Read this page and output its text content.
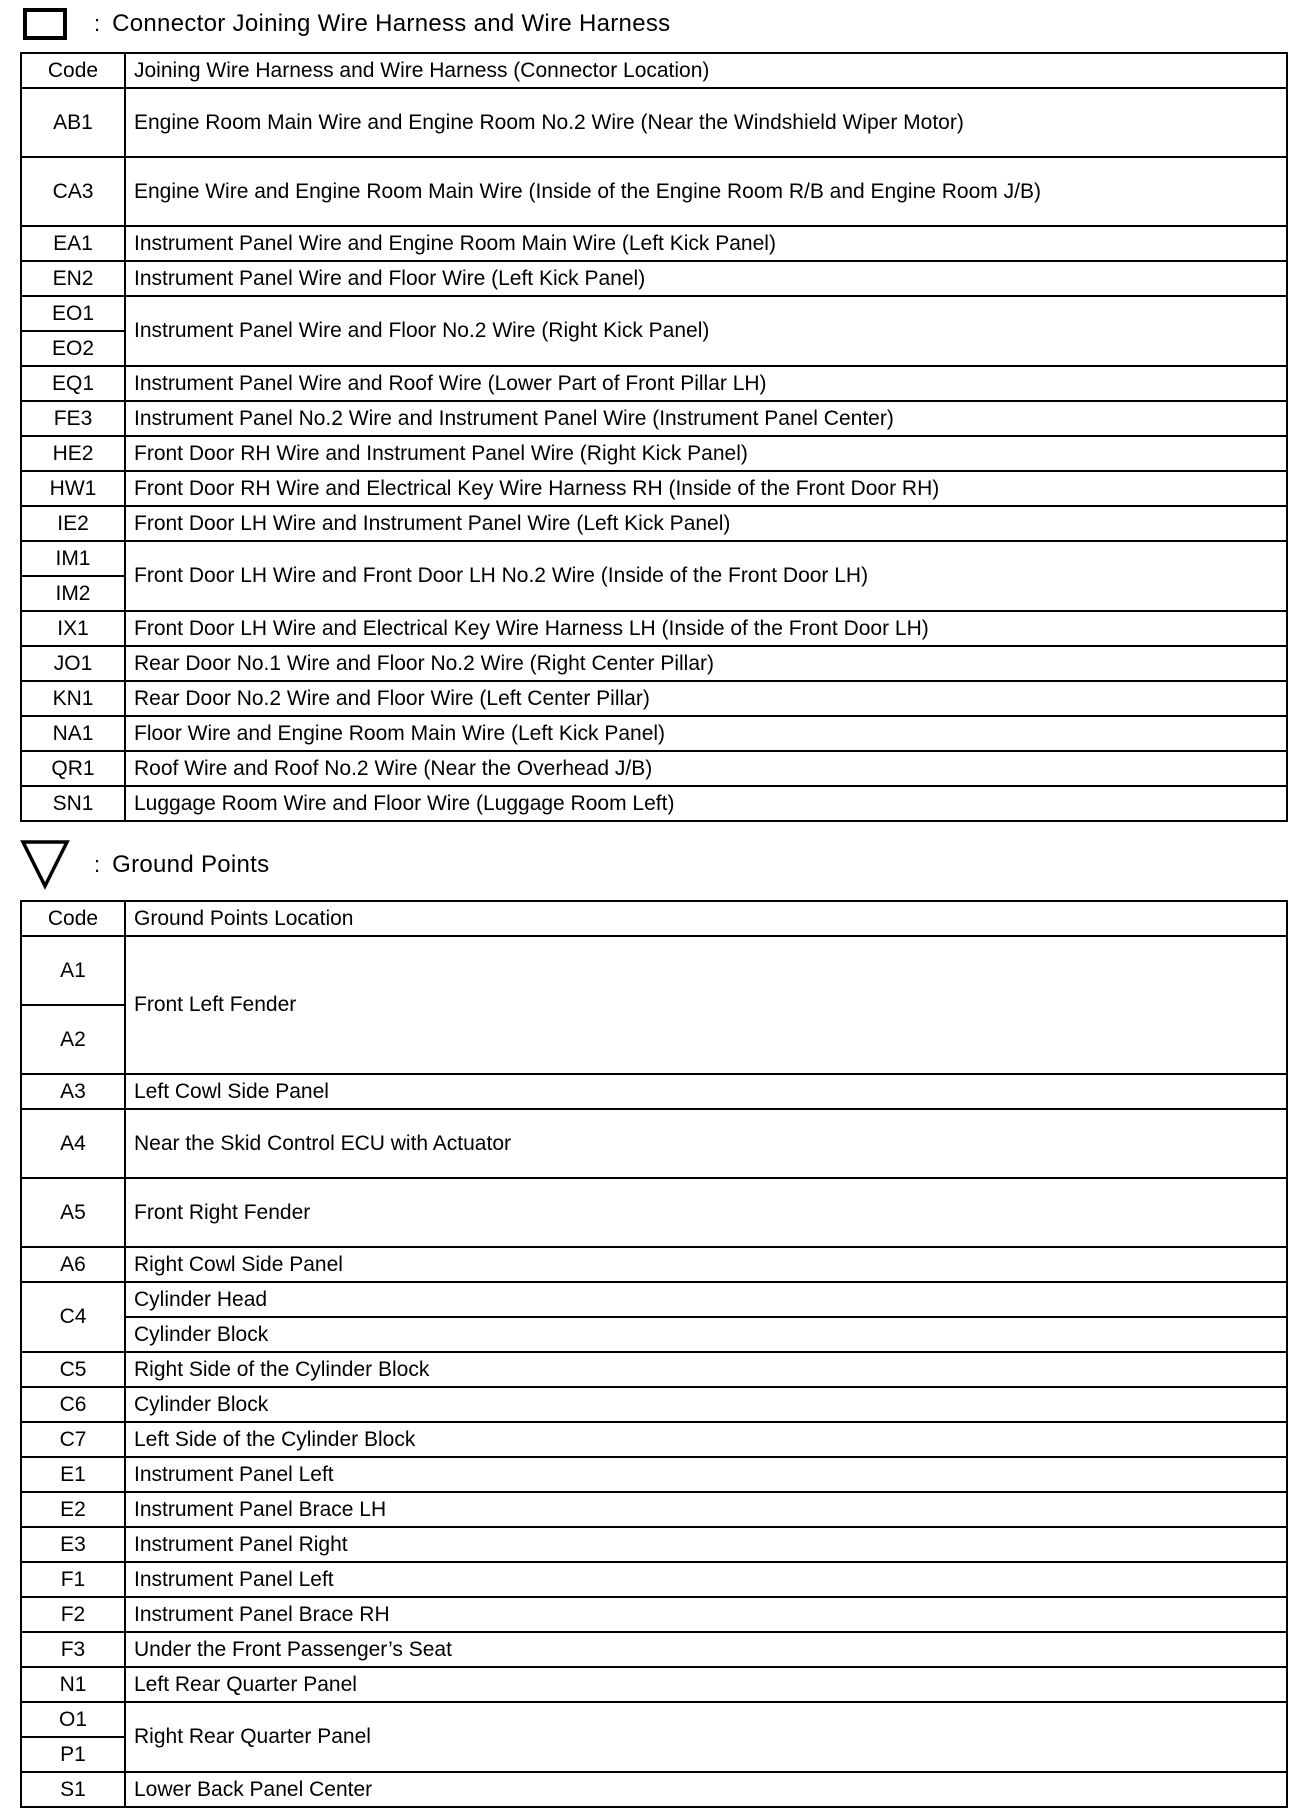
: Connector Joining Wire Harness and Wire Harness
Code	Joining Wire Harness and Wire Harness (Connector Location)
AB1	Engine Room Main Wire and Engine Room No.2 Wire (Near the Windshield Wiper Motor)
CA3	Engine Wire and Engine Room Main Wire (Inside of the Engine Room R/B and Engine Room J/B)
EA1	Instrument Panel Wire and Engine Room Main Wire (Left Kick Panel)
EN2	Instrument Panel Wire and Floor Wire (Left Kick Panel)
EO1	Instrument Panel Wire and Floor No.2 Wire (Right Kick Panel)
EO2	
EQ1	Instrument Panel Wire and Roof Wire (Lower Part of Front Pillar LH)
FE3	Instrument Panel No.2 Wire and Instrument Panel Wire (Instrument Panel Center)
HE2	Front Door RH Wire and Instrument Panel Wire (Right Kick Panel)
HW1	Front Door RH Wire and Electrical Key Wire Harness RH (Inside of the Front Door RH)
IE2	Front Door LH Wire and Instrument Panel Wire (Left Kick Panel)
IM1	Front Door LH Wire and Front Door LH No.2 Wire (Inside of the Front Door LH)
IM2	
IX1	Front Door LH Wire and Electrical Key Wire Harness LH (Inside of the Front Door LH)
JO1	Rear Door No.1 Wire and Floor No.2 Wire (Right Center Pillar)
KN1	Rear Door No.2 Wire and Floor Wire (Left Center Pillar)
NA1	Floor Wire and Engine Room Main Wire (Left Kick Panel)
QR1	Roof Wire and Roof No.2 Wire (Near the Overhead J/B)
SN1	Luggage Room Wire and Floor Wire (Luggage Room Left)
: Ground Points
Code	Ground Points Location
A1	Front Left Fender
A2	
A3	Left Cowl Side Panel
A4	Near the Skid Control ECU with Actuator
A5	Front Right Fender
A6	Right Cowl Side Panel
C4	Cylinder Head
	Cylinder Block
C5	Right Side of the Cylinder Block
C6	Cylinder Block
C7	Left Side of the Cylinder Block
E1	Instrument Panel Left
E2	Instrument Panel Brace LH
E3	Instrument Panel Right
F1	Instrument Panel Left
F2	Instrument Panel Brace RH
F3	Under the Front Passenger’s Seat
N1	Left Rear Quarter Panel
O1	Right Rear Quarter Panel
P1	
S1	Lower Back Panel Center
